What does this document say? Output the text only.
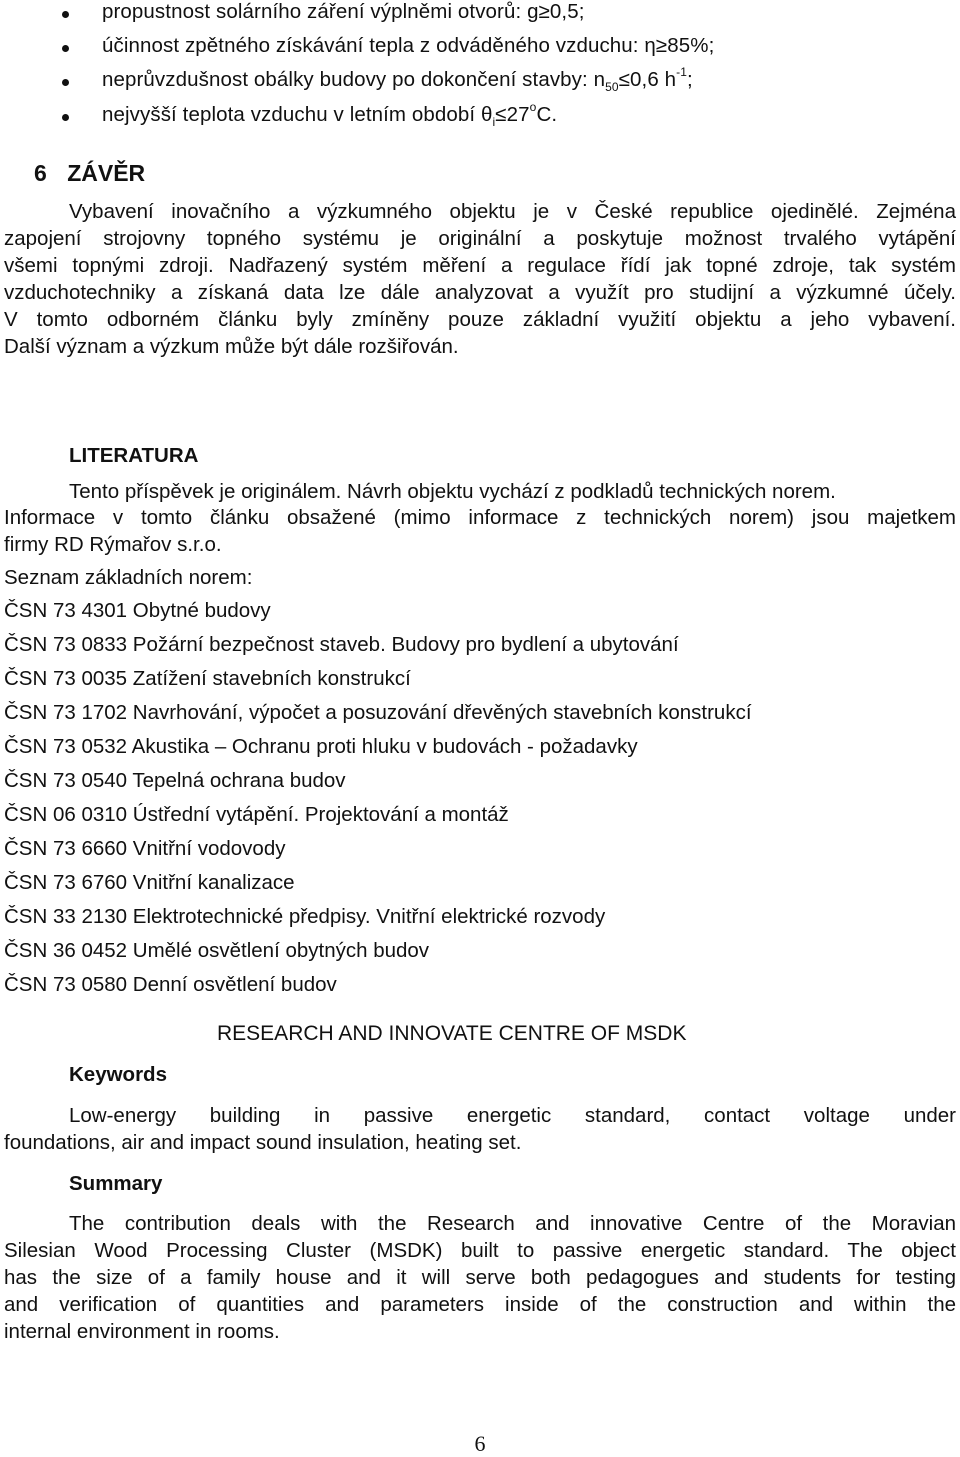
propustnost solárního záření výplněmi otvorů: g≥0,5;
účinnost zpětného získávání tepla z odváděného vzduchu: η≥85%;
neprůvzdušnost obálky budovy po dokončení stavby: $n_{50}\le 0,6$ $h^{-1}$;
nejvyšší teplota vzduchu v letním období $\theta_i\le 27^oC$.
6 ZÁVĚR
Vybavení inovačního a výzkumného objektu je v České republice ojedinělé. Zejména
zapojení strojovny topného systému je originální a poskytuje možnost trvalého vytápění
všemi topnými zdroji. Nadřazený systém měření a regulace řídí jak topné zdroje, tak systém
vzduchotechniky a získaná data lze dále analyzovat a využít pro studijní a výzkumné účely.
V tomto odborném článku byly zmíněny pouze základní využití objektu a jeho vybavení.
Další význam a výzkum může být dále rozšiřován.
LITERATURA
Tento příspěvek je originálem. Návrh objektu vychází z podkladů technických norem.
Informace v tomto článku obsažené (mimo informace z technických norem) jsou majetkem
firmy RD Rýmařov s.r.o.
Seznam základních norem:
ČSN 73 4301 Obytné budovy
ČSN 73 0833 Požární bezpečnost staveb. Budovy pro bydlení a ubytování
ČSN 73 0035 Zatížení stavebních konstrukcí
ČSN 73 1702 Navrhování, výpočet a posuzování dřevěných stavebních konstrukcí
ČSN 73 0532 Akustika – Ochranu proti hluku v budovách - požadavky
ČSN 73 0540 Tepelná ochrana budov
ČSN 06 0310 Ústřední vytápění. Projektování a montáž
ČSN 73 6660 Vnitřní vodovody
ČSN 73 6760 Vnitřní kanalizace
ČSN 33 2130 Elektrotechnické předpisy. Vnitřní elektrické rozvody
ČSN 36 0452 Umělé osvětlení obytných budov
ČSN 73 0580 Denní osvětlení budov
RESEARCH AND INNOVATE CENTRE OF MSDK
Keywords
Low-energy building in passive energetic standard, contact voltage under
foundations, air and impact sound insulation, heating set.
Summary
The contribution deals with the Research and innovative Centre of the Moravian
Silesian Wood Processing Cluster (MSDK) built to passive energetic standard. The object
has the size of a family house and it will serve both pedagogues and students for testing
and verification of quantities and parameters inside of the construction and within the
internal environment in rooms.
6
